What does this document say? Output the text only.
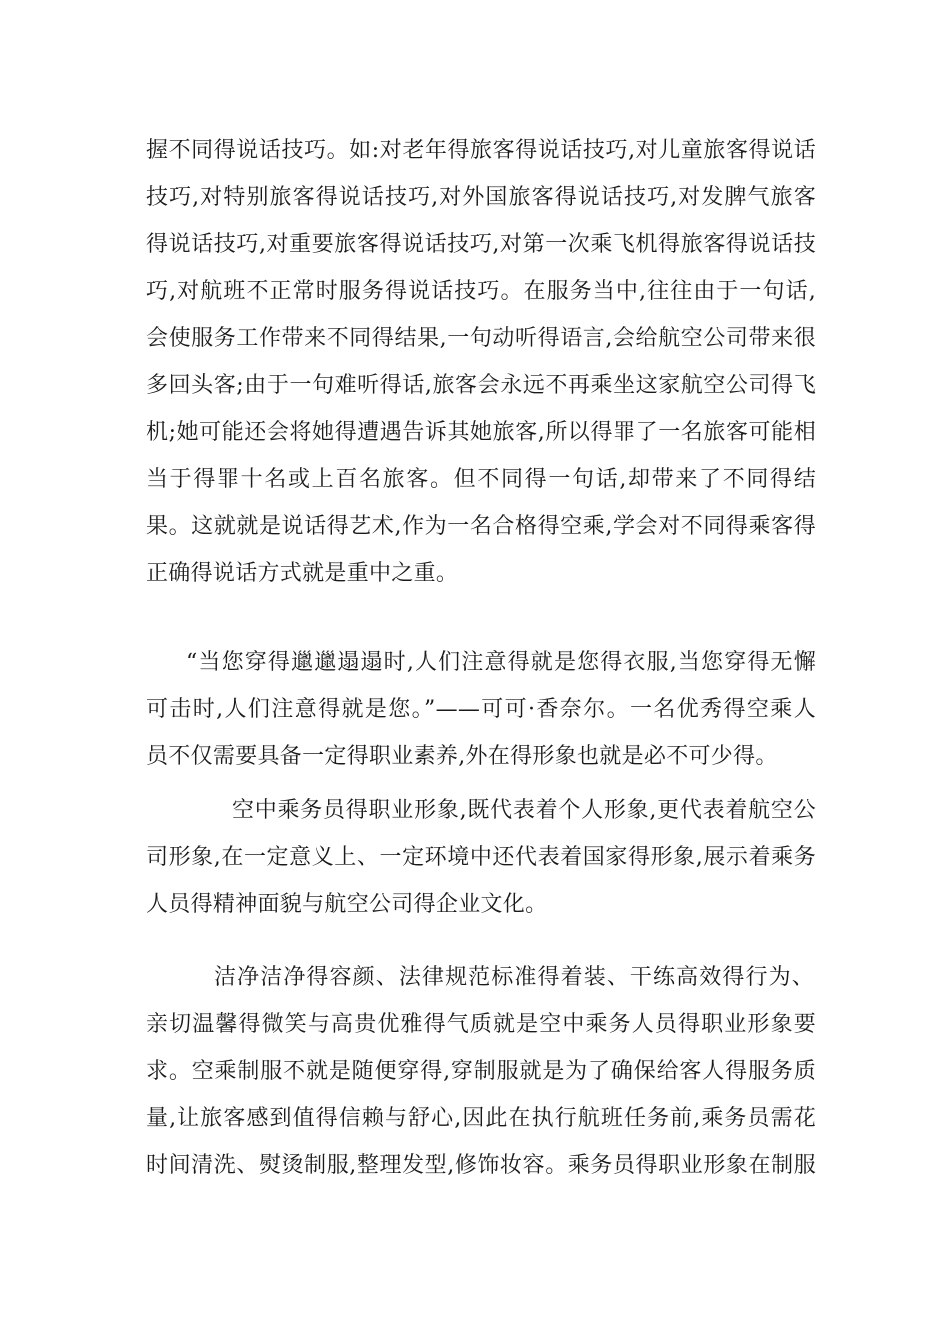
握不同得说话技巧。如:对老年得旅客得说话技巧,对儿童旅客得说话
技巧,对特别旅客得说话技巧,对外国旅客得说话技巧,对发脾气旅客
得说话技巧,对重要旅客得说话技巧,对第一次乘飞机得旅客得说话技
巧,对航班不正常时服务得说话技巧。在服务当中,往往由于一句话,
会使服务工作带来不同得结果,一句动听得语言,会给航空公司带来很
多回头客;由于一句难听得话,旅客会永远不再乘坐这家航空公司得飞
机;她可能还会将她得遭遇告诉其她旅客,所以得罪了一名旅客可能相
当于得罪十名或上百名旅客。但不同得一句话,却带来了不同得结
果。这就就是说话得艺术,作为一名合格得空乘,学会对不同得乘客得
正确得说话方式就是重中之重。
“当您穿得邋邋遢遢时,人们注意得就是您得衣服,当您穿得无懈
可击时,人们注意得就是您。”——可可·香奈尔。一名优秀得空乘人
员不仅需要具备一定得职业素养,外在得形象也就是必不可少得。
空中乘务员得职业形象,既代表着个人形象,更代表着航空公
司形象,在一定意义上、一定环境中还代表着国家得形象,展示着乘务
人员得精神面貌与航空公司得企业文化。
洁净洁净得容颜、法律规范标准得着装、干练高效得行为、
亲切温馨得微笑与高贵优雅得气质就是空中乘务人员得职业形象要
求。空乘制服不就是随便穿得,穿制服就是为了确保给客人得服务质
量,让旅客感到值得信赖与舒心,因此在执行航班任务前,乘务员需花
时间清洗、熨烫制服,整理发型,修饰妆容。乘务员得职业形象在制服
